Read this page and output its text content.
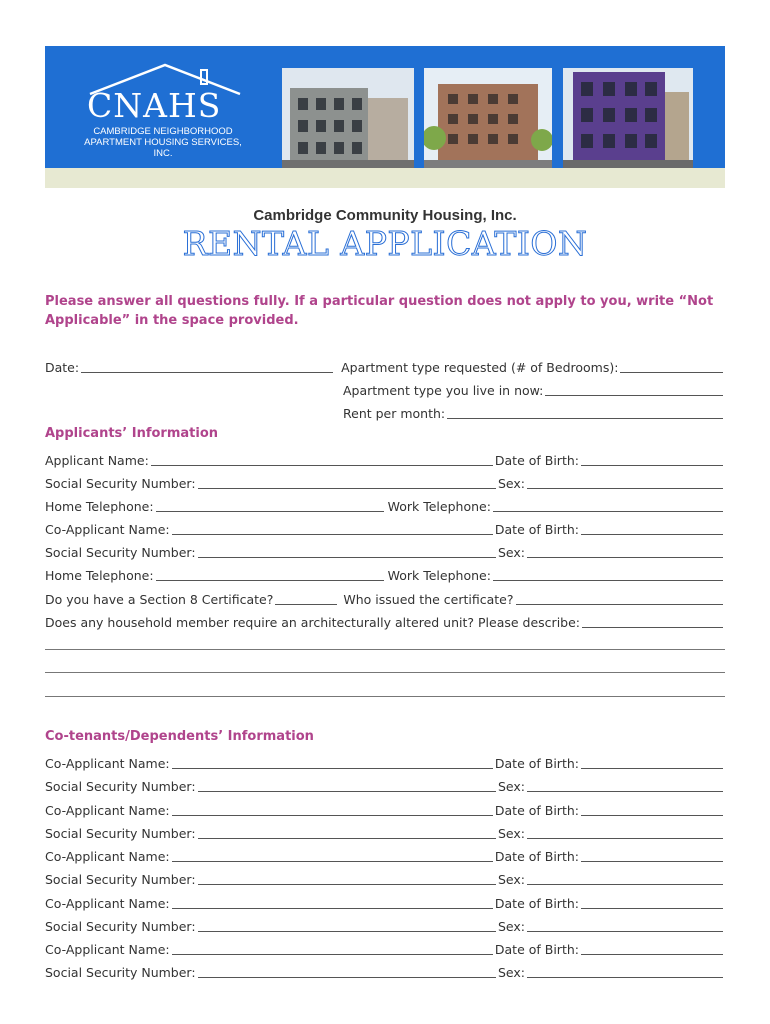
CNAHS
CAMBRIDGE NEIGHBORHOOD APARTMENT HOUSING SERVICES, INC.
Cambridge Community Housing, Inc.
RENTAL APPLICATION
Please answer all questions fully. If a particular question does not apply to you, write “Not Applicable” in the space provided.
Date:	Apartment type requested (# of Bedrooms):
Apartment type you live in now:
Rent per month:
Applicants’ Information
Applicant Name:	Date of Birth:
Social Security Number:	Sex:
Home Telephone:	Work Telephone:
Co-Applicant Name:	Date of Birth:
Social Security Number:	Sex:
Home Telephone:	Work Telephone:
Do you have a Section 8 Certificate?	Who issued the certificate?
Does any household member require an architecturally altered unit? Please describe:
Co-tenants/Dependents’ Information
Co-Applicant Name:	Date of Birth:
Social Security Number:	Sex:
Co-Applicant Name:	Date of Birth:
Social Security Number:	Sex:
Co-Applicant Name:	Date of Birth:
Social Security Number:	Sex:
Co-Applicant Name:	Date of Birth:
Social Security Number:	Sex:
Co-Applicant Name:	Date of Birth:
Social Security Number:	Sex:
